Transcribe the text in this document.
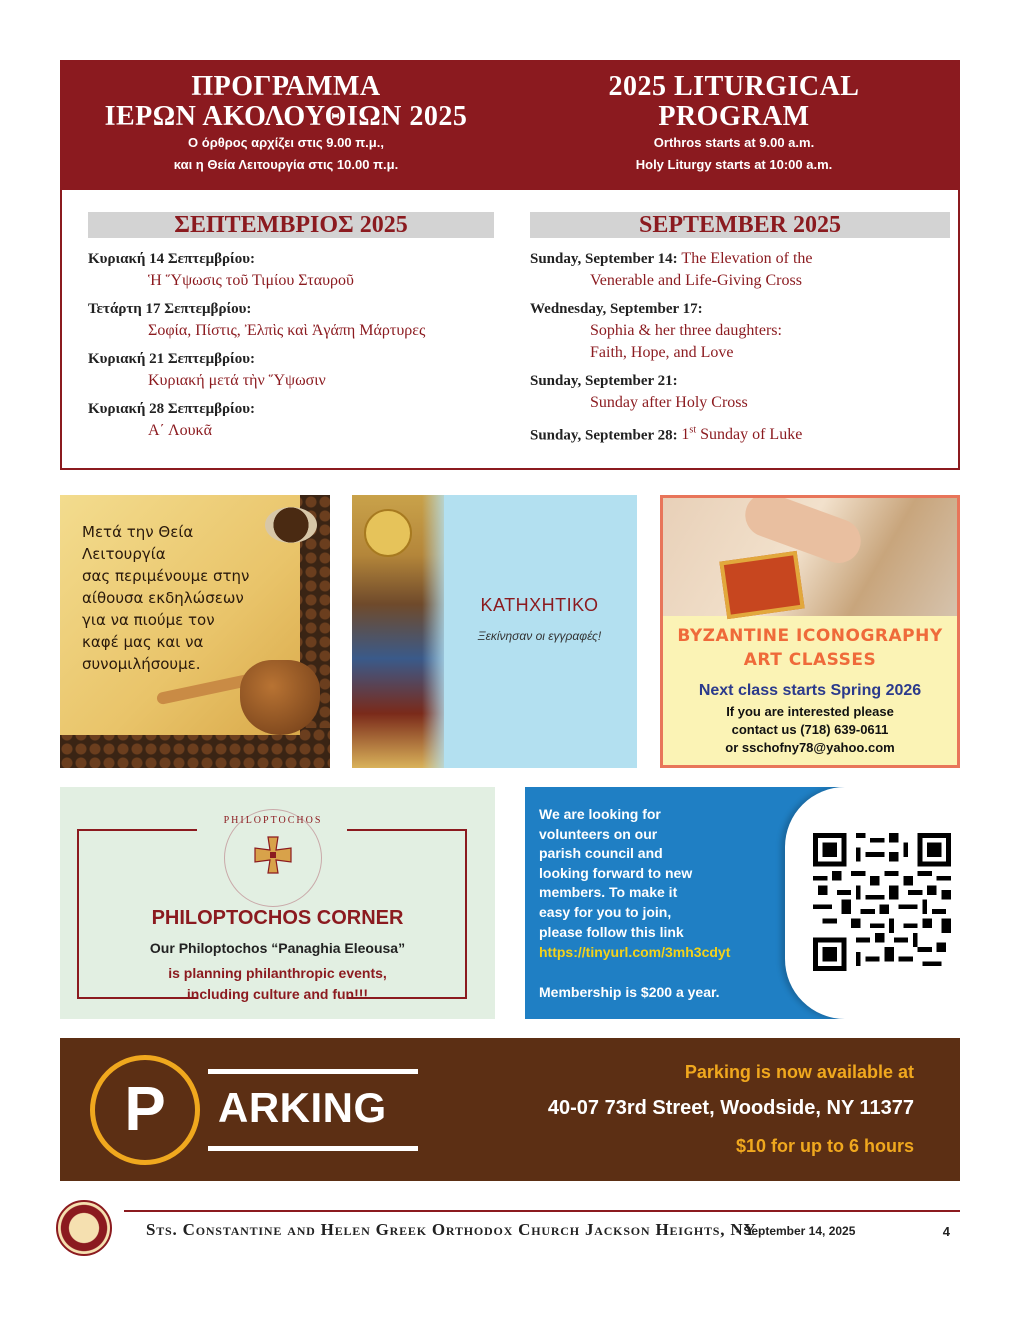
ΠΡΟΓΡΑΜΜΑ
ΙΕΡΩΝ ΑΚΟΛΟΥΘΙΩΝ 2025
Ο όρθρος αρχίζει στις 9.00 π.μ.,
και η Θεία Λειτουργία στις 10.00 π.μ.
2025 LITURGICAL
PROGRAM
Orthros starts at 9.00 a.m.
Holy Liturgy starts at 10:00 a.m.
ΣΕΠΤΕΜΒΡΙΟΣ 2025
Κυριακή 14 Σεπτεμβρίου:
Ἡ Ὕψωσις τοῦ Τιμίου Σταυροῦ
Τετάρτη 17 Σεπτεμβρίου:
Σοφία, Πίστις, Ἐλπὶς καὶ Ἀγάπη Μάρτυρες
Κυριακή 21 Σεπτεμβρίου:
Κυριακή μετά τὴν Ὕψωσιν
Κυριακή 28 Σεπτεμβρίου:
Α΄ Λουκᾶ
SEPTEMBER 2025
Sunday, September 14: The Elevation of the
Venerable and Life-Giving Cross
Wednesday, September 17:
Sophia & her three daughters:
Faith, Hope, and Love
Sunday, September 21:
Sunday after Holy Cross
Sunday, September 28: 1st Sunday of Luke
Μετά την Θεία
Λειτουργία
σας περιμένουμε στην
αίθουσα εκδηλώσεων
για να πιούμε τον
καφέ μας και να
συνομιλήσουμε.
ΚΑΤΗΧΗΤΙΚΟ
Ξεκίνησαν οι εγγραφές!	BYZANTINE ICONOGRAPHY
ART CLASSES
Next class starts Spring 2026
If you are interested please
contact us (718) 639-0611
or sschofny78@yahoo.com
PHILOPTOCHOS
PHILOPTOCHOS CORNER
Our Philoptochos “Panaghia Eleousa”
is planning philanthropic events,
including culture and fun!!!
We are looking for
volunteers on our
parish council and
looking forward to new
members. To make it
easy for you to join,
please follow this link
https://tinyurl.com/3mh3cdyt
Membership is $200 a year.
P	ARKING
Parking is now available at
40-07 73rd Street, Woodside, NY 11377
$10 for up to 6 hours
Sts. Constantine and Helen Greek Orthodox Church Jackson Heights, NY
- September 14, 2025	4
